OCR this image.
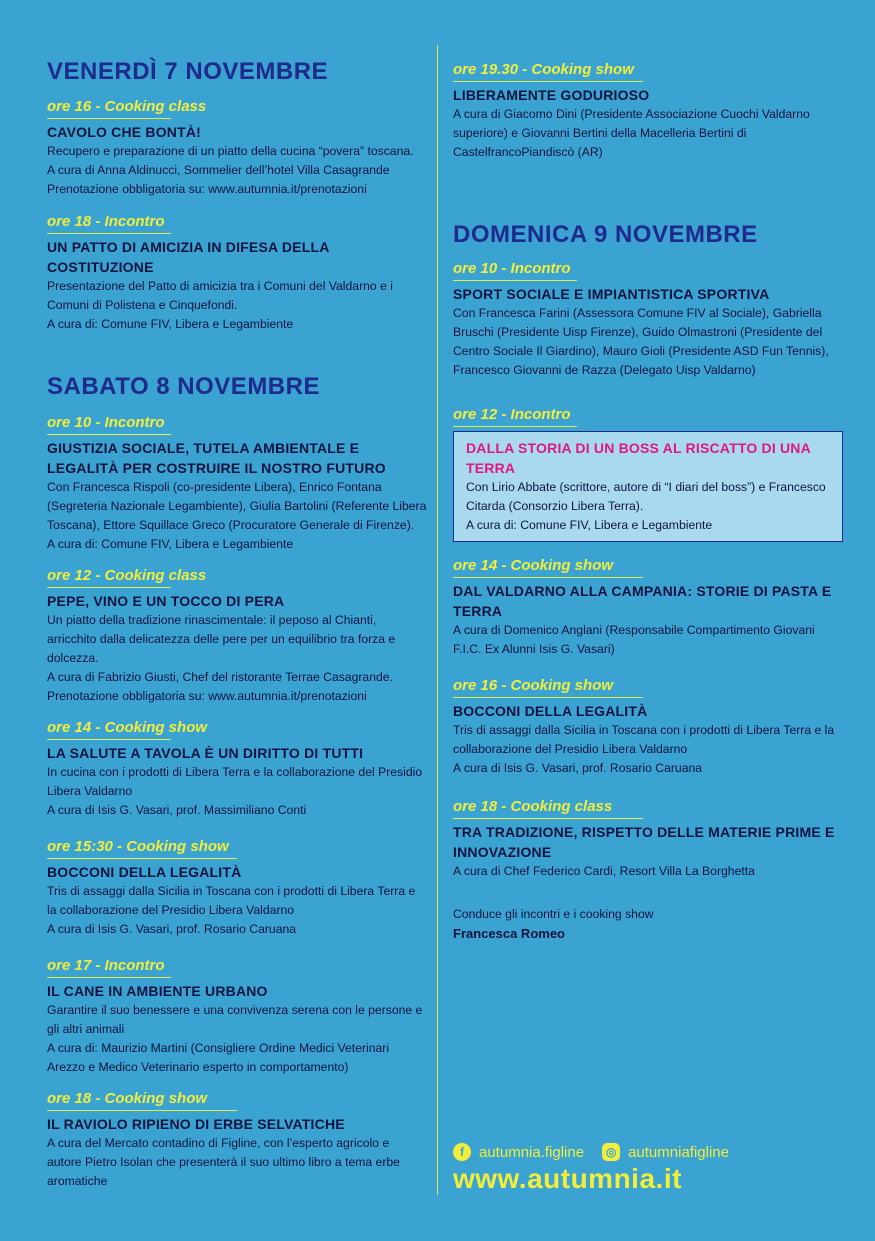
VENERDÌ 7 NOVEMBRE
ore 16 - Cooking class
CAVOLO CHE BONTÀ!
Recupero e preparazione di un piatto della cucina “povera” toscana.
A cura di Anna Aldinucci, Sommelier dell’hotel Villa Casagrande
Prenotazione obbligatoria su: www.autumnia.it/prenotazioni
ore 18 - Incontro
UN PATTO DI AMICIZIA IN DIFESA DELLA COSTITUZIONE
Presentazione del Patto di amicizia tra i Comuni del Valdarno e i Comuni di Polistena e Cinquefondi.
A cura di: Comune FIV, Libera e Legambiente
SABATO 8 NOVEMBRE
ore 10 - Incontro
GIUSTIZIA SOCIALE, TUTELA AMBIENTALE E LEGALITÀ PER COSTRUIRE IL NOSTRO FUTURO
Con Francesca Rispoli (co-presidente Libera), Enrico Fontana (Segreteria Nazionale Legambiente), Giulia Bartolini (Referente Libera Toscana), Ettore Squillace Greco (Procuratore Generale di Firenze).
A cura di: Comune FIV, Libera e Legambiente
ore 12 - Cooking class
PEPE, VINO E UN TOCCO DI PERA
Un piatto della tradizione rinascimentale: il peposo al Chianti, arricchito dalla delicatezza delle pere per un equilibrio tra forza e dolcezza.
A cura di Fabrizio Giusti, Chef del ristorante Terrae Casagrande.
Prenotazione obbligatoria su: www.autumnia.it/prenotazioni
ore 14 - Cooking show
LA SALUTE A TAVOLA È UN DIRITTO DI TUTTI
In cucina con i prodotti di Libera Terra e la collaborazione del Presidio Libera Valdarno
A cura di Isis G. Vasari, prof. Massimiliano Conti
ore 15:30 - Cooking show
BOCCONI DELLA LEGALITÀ
Tris di assaggi dalla Sicilia in Toscana con i prodotti di Libera Terra e la collaborazione del Presidio Libera Valdarno
A cura di Isis G. Vasari, prof. Rosario Caruana
ore 17 - Incontro
IL CANE IN AMBIENTE URBANO
Garantire il suo benessere e una convivenza serena con le persone e gli altri animali
A cura di: Maurizio Martini (Consigliere Ordine Medici Veterinari Arezzo e Medico Veterinario esperto in comportamento)
ore 18 - Cooking show
IL RAVIOLO RIPIENO DI ERBE SELVATICHE
A cura del Mercato contadino di Figline, con l’esperto agricolo e autore Pietro Isolan che presenterà il suo ultimo libro a tema erbe aromatiche
ore 19.30 - Cooking show
LIBERAMENTE GODURIOSO
A cura di Giacomo Dini (Presidente Associazione Cuochi Valdarno superiore) e Giovanni Bertini della Macelleria Bertini di CastelfrancoPiandiscò (AR)
DOMENICA 9 NOVEMBRE
ore 10 - Incontro
SPORT SOCIALE E IMPIANTISTICA SPORTIVA
Con Francesca Farini (Assessora Comune FIV al Sociale), Gabriella Bruschi (Presidente Uisp Firenze), Guido Olmastroni (Presidente del Centro Sociale Il Giardino), Mauro Gioli (Presidente ASD Fun Tennis), Francesco Giovanni de Razza (Delegato Uisp Valdarno)
ore 12 - Incontro
DALLA STORIA DI UN BOSS AL RISCATTO DI UNA TERRA
Con Lirio Abbate (scrittore, autore di “I diari del boss”) e Francesco Citarda (Consorzio Libera Terra).
A cura di: Comune FIV, Libera e Legambiente
ore 14 - Cooking show
DAL VALDARNO ALLA CAMPANIA: STORIE DI PASTA E TERRA
A cura di Domenico Anglani (Responsabile Compartimento Giovani F.I.C. Ex Alunni Isis G. Vasari)
ore 16 - Cooking show
BOCCONI DELLA LEGALITÀ
Tris di assaggi dalla Sicilia in Toscana con i prodotti di Libera Terra e la collaborazione del Presidio Libera Valdarno
A cura di Isis G. Vasari, prof. Rosario Caruana
ore 18 - Cooking class
TRA TRADIZIONE, RISPETTO DELLE MATERIE PRIME E INNOVAZIONE
A cura di Chef Federico Cardi, Resort Villa La Borghetta
Conduce gli incontri e i cooking show
Francesca Romeo
f	autumnia.figline	◎ autumniafigline
www.autumnia.it
